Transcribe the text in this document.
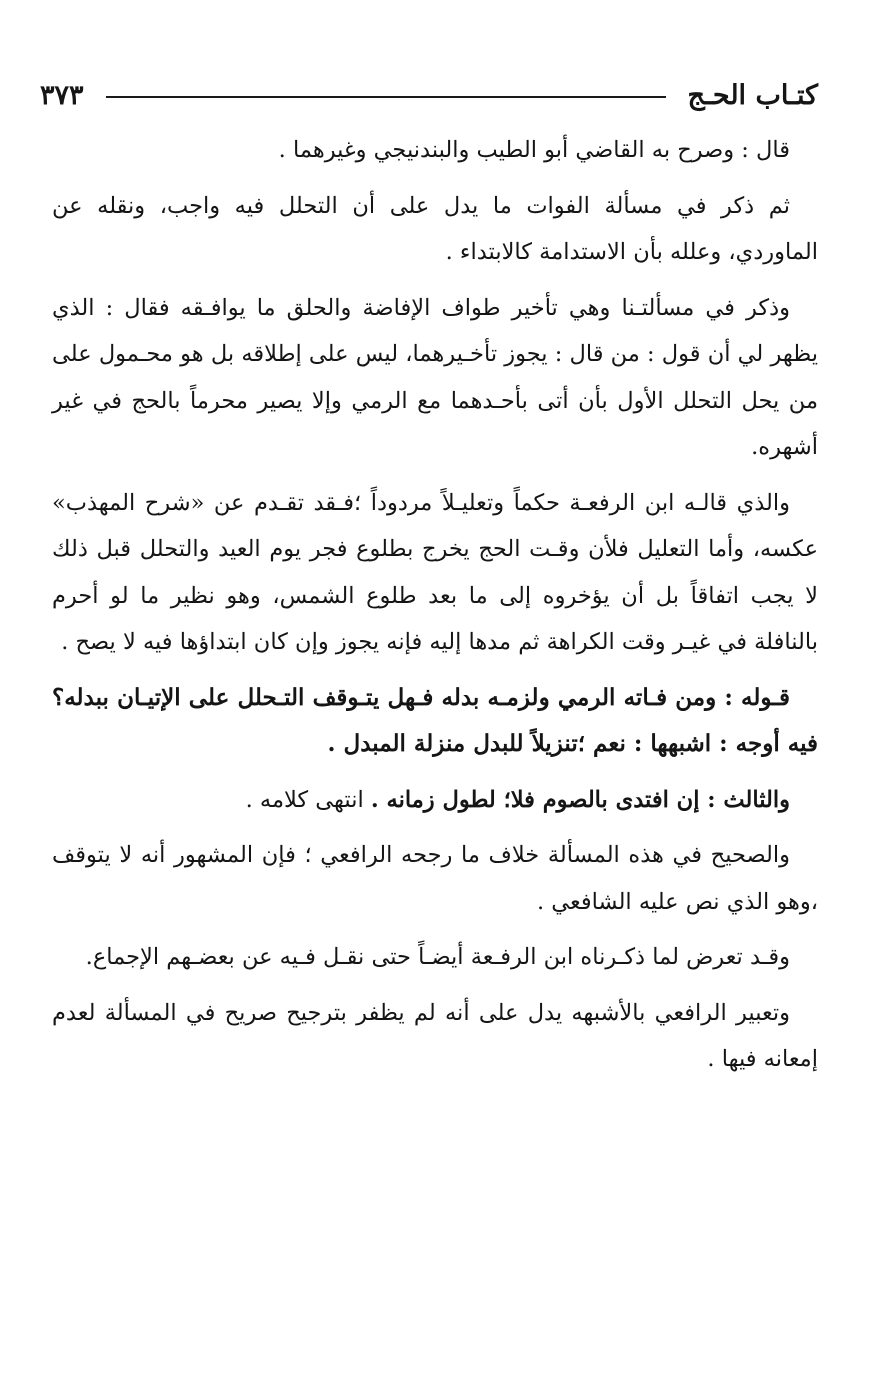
كتـاب الحـج
٣٧٣

قال : وصرح به القاضي أبو الطيب والبندنيجي وغيرهما .

ثم ذكر في مسألة الفوات ما يدل على أن التحلل فيه واجب، ونقله عن الماوردي، وعلله بأن الاستدامة كالابتداء .

وذكر في مسألتـنا وهي تأخير طواف الإفاضة والحلق ما يوافـقه فقال : الذي يظهر لي أن قول : من قال : يجوز تأخـيرهما، ليس على إطلاقه بل هو محـمول على من يحل التحلل الأول بأن أتى بأحـدهما مع الرمي وإلا يصير محرماً بالحج في غير أشهره.

والذي قالـه ابن الرفعـة حكماً وتعليـلاً مردوداً ؛فـقد تقـدم عن «شرح المهذب» عكسه، وأما التعليل فلأن وقـت الحج يخرج بطلوع فجر يوم العيد والتحلل قبل ذلك لا يجب اتفاقاً بل أن يؤخروه إلى ما بعد طلوع الشمس، وهو نظير ما لو أحرم بالنافلة في غيـر وقت الكراهة ثم مدها إليه فإنه يجوز وإن كان ابتداؤها فيه لا يصح .

قـوله : ومن فـاته الرمي ولزمـه بدله فـهل يتـوقف التـحلل على الإتيـان ببدله؟ فيه أوجه : اشبهها : نعم ؛تنزيلاً للبدل منزلة المبدل .

والثالث : إن افتدى بالصوم فلا؛ لطول زمانه . انتهى كلامه .

والصحيح في هذه المسألة خلاف ما رجحه الرافعي ؛ فإن المشهور أنه لا يتوقف ،وهو الذي نص عليه الشافعي .

وقـد تعرض لما ذكـرناه ابن الرفـعة أيضـاً حتى نقـل فـيه عن بعضـهم الإجماع.

وتعبير الرافعي بالأشبهه يدل على أنه لم يظفر بترجيح صريح في المسألة لعدم إمعانه فيها .
